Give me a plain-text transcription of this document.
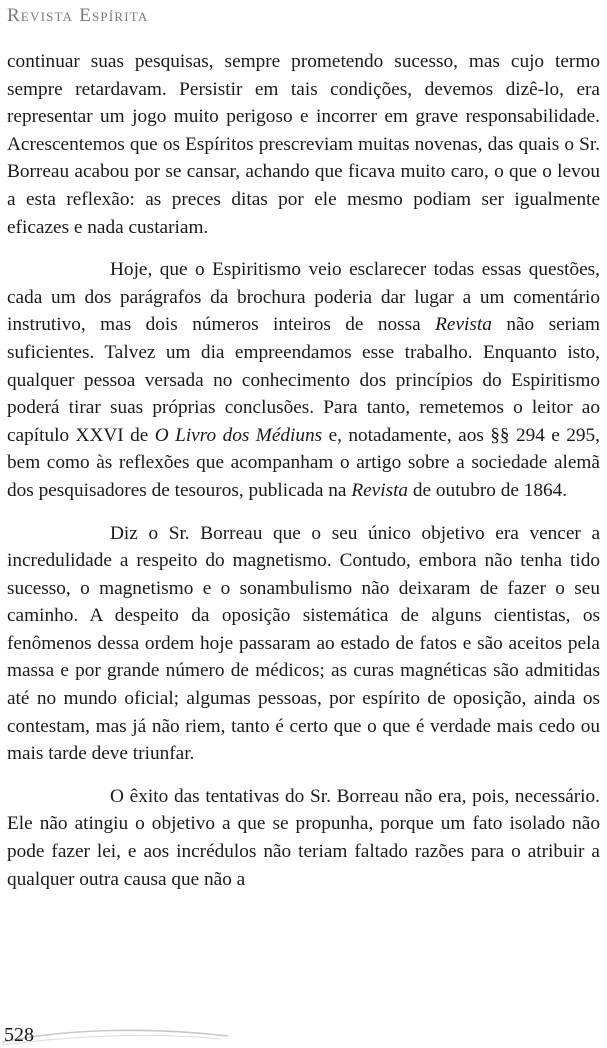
Revista Espírita

continuar suas pesquisas, sempre prometendo sucesso, mas cujo termo sempre retardavam. Persistir em tais condições, devemos dizê-lo, era representar um jogo muito perigoso e incorrer em grave responsabilidade. Acrescentemos que os Espíritos prescreviam muitas novenas, das quais o Sr. Borreau acabou por se cansar, achando que ficava muito caro, o que o levou a esta reflexão: as preces ditas por ele mesmo podiam ser igualmente eficazes e nada custariam.

Hoje, que o Espiritismo veio esclarecer todas essas questões, cada um dos parágrafos da brochura poderia dar lugar a um comentário instrutivo, mas dois números inteiros de nossa Revista não seriam suficientes. Talvez um dia empreendamos esse trabalho. Enquanto isto, qualquer pessoa versada no conhecimento dos princípios do Espiritismo poderá tirar suas próprias conclusões. Para tanto, remetemos o leitor ao capítulo XXVI de O Livro dos Médiuns e, notadamente, aos §§ 294 e 295, bem como às reflexões que acompanham o artigo sobre a sociedade alemã dos pesquisadores de tesouros, publicada na Revista de outubro de 1864.

Diz o Sr. Borreau que o seu único objetivo era vencer a incredulidade a respeito do magnetismo. Contudo, embora não tenha tido sucesso, o magnetismo e o sonambulismo não deixaram de fazer o seu caminho. A despeito da oposição sistemática de alguns cientistas, os fenômenos dessa ordem hoje passaram ao estado de fatos e são aceitos pela massa e por grande número de médicos; as curas magnéticas são admitidas até no mundo oficial; algumas pessoas, por espírito de oposição, ainda os contestam, mas já não riem, tanto é certo que o que é verdade mais cedo ou mais tarde deve triunfar.

O êxito das tentativas do Sr. Borreau não era, pois, necessário. Ele não atingiu o objetivo a que se propunha, porque um fato isolado não pode fazer lei, e aos incrédulos não teriam faltado razões para o atribuir a qualquer outra causa que não a

528
